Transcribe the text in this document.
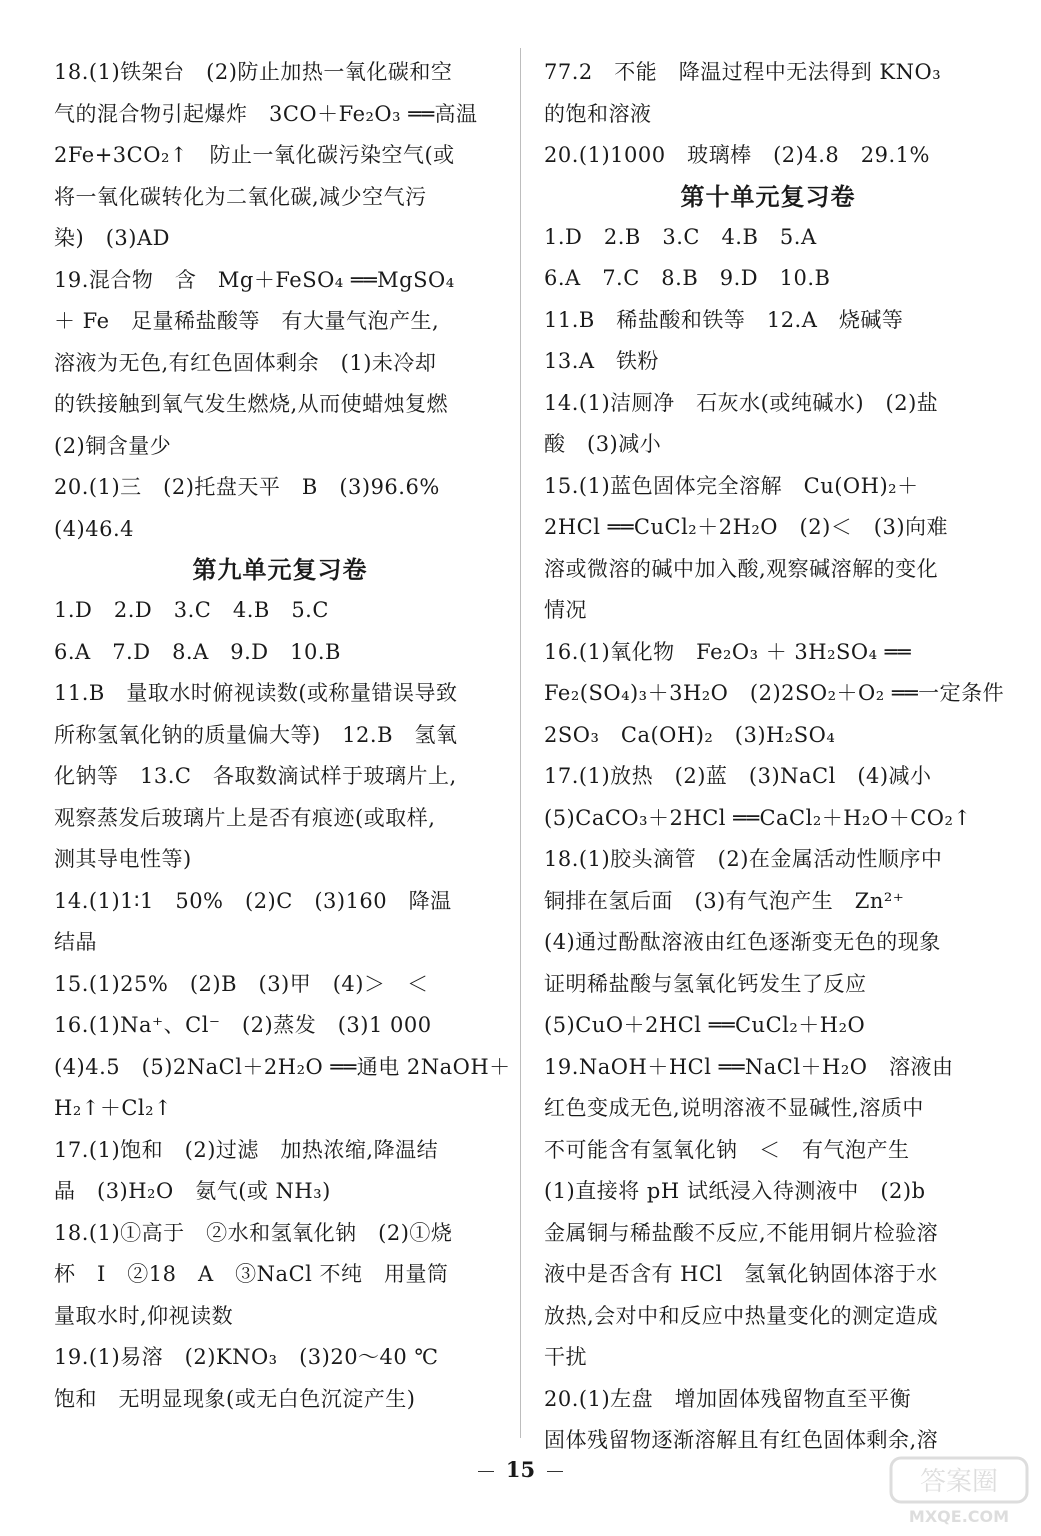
18.(1)铁架台　(2)防止加热一氧化碳和空
气的混合物引起爆炸　3CO＋Fe₂O₃ ══高温
2Fe+3CO₂↑　防止一氧化碳污染空气(或
将一氧化碳转化为二氧化碳,减少空气污
染)　(3)AD
19.混合物　含　Mg＋FeSO₄ ══MgSO₄
＋ Fe　足量稀盐酸等　有大量气泡产生,
溶液为无色,有红色固体剩余　(1)未冷却
的铁接触到氧气发生燃烧,从而使蜡烛复燃
(2)铜含量少
20.(1)三　(2)托盘天平　B　(3)96.6%
(4)46.4
第九单元复习卷
1.D　2.D　3.C　4.B　5.C
6.A　7.D　8.A　9.D　10.B
11.B　量取水时俯视读数(或称量错误导致
所称氢氧化钠的质量偏大等)　12.B　氢氧
化钠等　13.C　各取数滴试样于玻璃片上,
观察蒸发后玻璃片上是否有痕迹(或取样,
测其导电性等)
14.(1)1∶1　50%　(2)C　(3)160　降温
结晶
15.(1)25%　(2)B　(3)甲　(4)＞　＜
16.(1)Na⁺、Cl⁻　(2)蒸发　(3)1 000
(4)4.5　(5)2NaCl＋2H₂O ══通电 2NaOH＋
H₂↑＋Cl₂↑
17.(1)饱和　(2)过滤　加热浓缩,降温结
晶　(3)H₂O　氨气(或 NH₃)
18.(1)①高于　②水和氢氧化钠　(2)①烧
杯　Ⅰ　②18　A　③NaCl 不纯　用量筒
量取水时,仰视读数
19.(1)易溶　(2)KNO₃　(3)20～40 ℃
饱和　无明显现象(或无白色沉淀产生)
77.2　不能　降温过程中无法得到 KNO₃
的饱和溶液
20.(1)1000　玻璃棒　(2)4.8　29.1%
第十单元复习卷
1.D　2.B　3.C　4.B　5.A
6.A　7.C　8.B　9.D　10.B
11.B　稀盐酸和铁等　12.A　烧碱等
13.A　铁粉
14.(1)洁厕净　石灰水(或纯碱水)　(2)盐
酸　(3)减小
15.(1)蓝色固体完全溶解　Cu(OH)₂＋
2HCl ══CuCl₂＋2H₂O　(2)＜　(3)向难
溶或微溶的碱中加入酸,观察碱溶解的变化
情况
16.(1)氧化物　Fe₂O₃ ＋ 3H₂SO₄ ══
Fe₂(SO₄)₃＋3H₂O　(2)2SO₂＋O₂ ══一定条件
2SO₃　Ca(OH)₂　(3)H₂SO₄
17.(1)放热　(2)蓝　(3)NaCl　(4)减小
(5)CaCO₃＋2HCl ══CaCl₂＋H₂O＋CO₂↑
18.(1)胶头滴管　(2)在金属活动性顺序中
铜排在氢后面　(3)有气泡产生　Zn²⁺
(4)通过酚酞溶液由红色逐渐变无色的现象
证明稀盐酸与氢氧化钙发生了反应
(5)CuO＋2HCl ══CuCl₂＋H₂O
19.NaOH＋HCl ══NaCl＋H₂O　溶液由
红色变成无色,说明溶液不显碱性,溶质中
不可能含有氢氧化钠　＜　有气泡产生
(1)直接将 pH 试纸浸入待测液中　(2)b
金属铜与稀盐酸不反应,不能用铜片检验溶
液中是否含有 HCl　氢氧化钠固体溶于水
放热,会对中和反应中热量变化的测定造成
干扰
20.(1)左盘　增加固体残留物直至平衡
固体残留物逐渐溶解且有红色固体剩余,溶
15	答案圈
MXQE.COM
